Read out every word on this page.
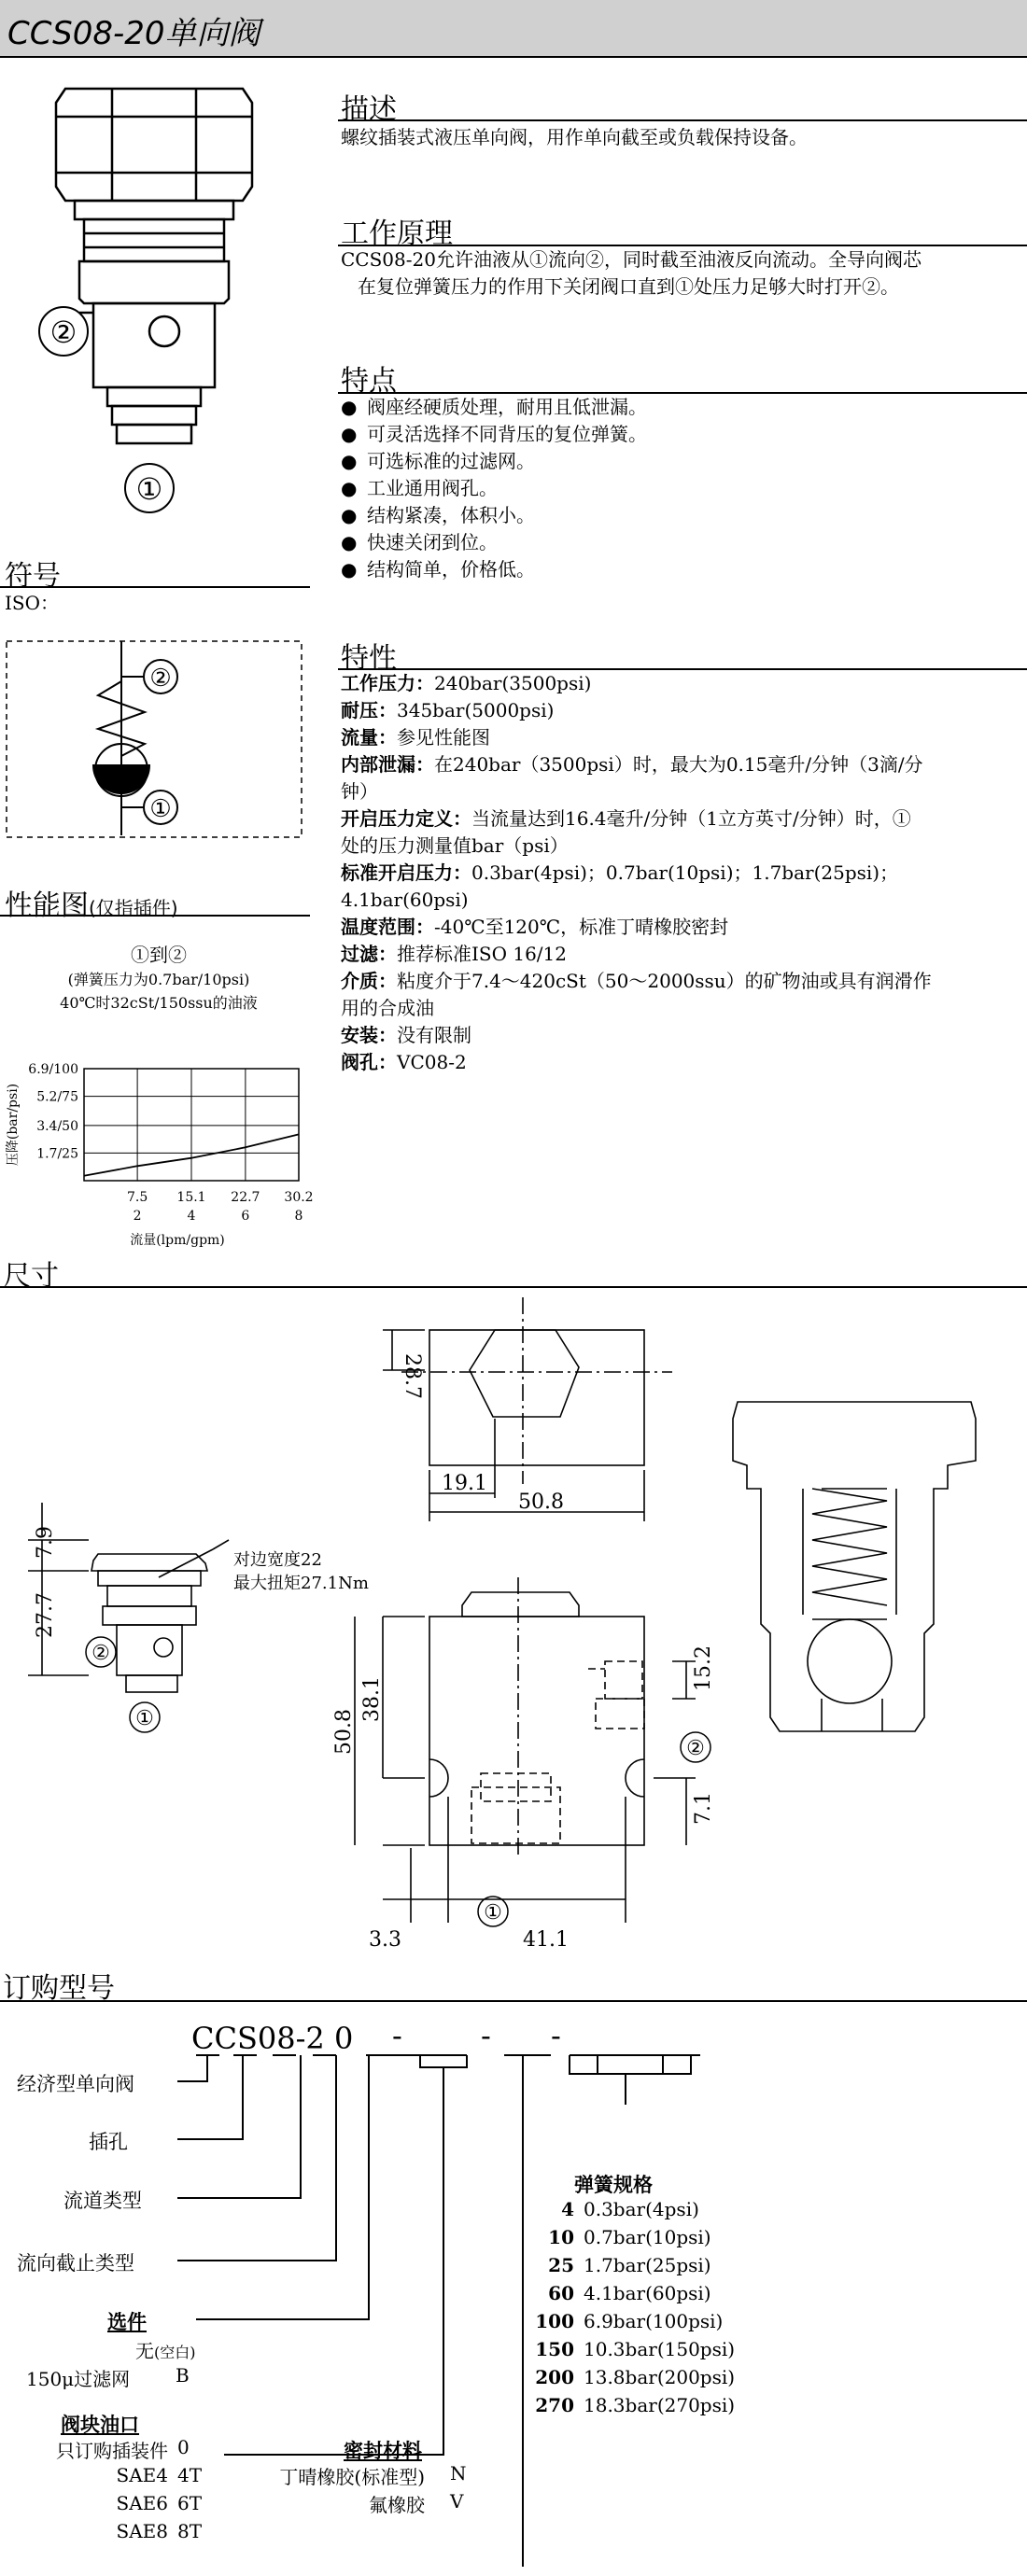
CCS08-20单向阀
②
①
描述
螺纹插装式液压单向阀，用作单向截至或负载保持设备。
工作原理
CCS08-20允许油液从①流向②，同时截至油液反向流动。全导向阀芯
在复位弹簧压力的作用下关闭阀口直到①处压力足够大时打开②。
特点
● 阀座经硬质处理，耐用且低泄漏。
● 可灵活选择不同背压的复位弹簧。
● 可选标准的过滤网。
● 工业通用阀孔。
● 结构紧凑，体积小。
● 快速关闭到位。
● 结构简单，价格低。
符号
ISO：
②
①
特性
工作压力：240bar(3500psi)
耐压：345bar(5000psi)
流量：参见性能图
内部泄漏：在240bar（3500psi）时，最大为0.15毫升/分钟（3滴/分
钟）
开启压力定义：当流量达到16.4毫升/分钟（1立方英寸/分钟）时，①
处的压力测量值bar（psi）
标准开启压力：0.3bar(4psi)；0.7bar(10psi)；1.7bar(25psi)；
4.1bar(60psi)
温度范围：-40℃至120℃，标准丁晴橡胶密封
过滤：推荐标准ISO 16/12
介质：粘度介于7.4～420cSt（50～2000ssu）的矿物油或具有润滑作
用的合成油
安装：没有限制
阀孔：VC08-2
性能图(仅指插件)
①到②
(弹簧压力为0.7bar/10psi)
40℃时32cSt/150ssu的油液
6.9/100
5.2/75
3.4/50
1.7/25
7.5
2
15.1
4
22.7
6
30.2
8
压降(bar/psi)
流量(lpm/gpm)
尺寸
28.7
19.1
50.8
7.9
27.7
对边宽度22
最大扭矩27.1Nm
50.8
38.1
15.2
7.1
3.3	41.1
②
①
②
①
订购型号
CCS08-2 0 -	- -
经济型单向阀
插孔
流道类型
流向截止类型
选件
无(空白)
150μ过滤网 B
阀块油口
只订购插装件 0
SAE4 4T
SAE6 6T
SAE8 8T
密封材料
丁晴橡胶(标准型) N
氟橡胶 V
弹簧规格
4 0.3bar(4psi)
10 0.7bar(10psi)
25 1.7bar(25psi)
60 4.1bar(60psi)
100 6.9bar(100psi)
150 10.3bar(150psi)
200 13.8bar(200psi)
270 18.3bar(270psi)
